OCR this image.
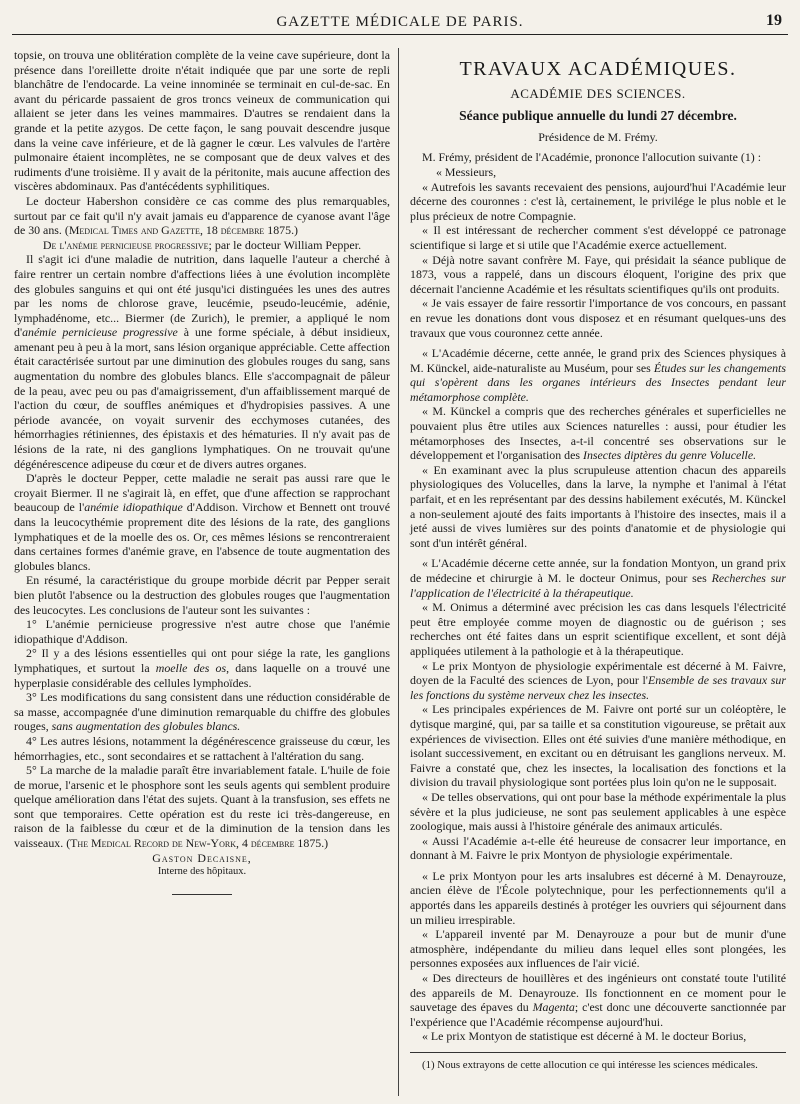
GAZETTE MÉDICALE DE PARIS.	19

topsie, on trouva une oblitération complète de la veine cave supérieure, dont la présence dans l'oreillette droite n'était indiquée que par une sorte de repli blanchâtre de l'endocarde. La veine innominée se terminait en cul-de-sac. En avant du péricarde passaient de gros troncs veineux de communication qui allaient se jeter dans les veines mammaires. D'autres se rendaient dans la grande et la petite azygos. De cette façon, le sang pouvait descendre jusque dans la veine cave inférieure, et de là gagner le cœur. Les valvules de l'artère pulmonaire étaient incomplètes, ne se composant que de deux valves et des rudiments d'une troisième. Il y avait de la péritonite, mais aucune affection des viscères abdominaux. Pas d'antécédents syphilitiques.

Le docteur Habershon considère ce cas comme des plus remarquables, surtout par ce fait qu'il n'y avait jamais eu d'apparence de cyanose avant l'âge de 30 ans. (Medical Times and Gazette, 18 décembre 1875.)

De l'anémie pernicieuse progressive; par le docteur William Pepper.

Il s'agit ici d'une maladie de nutrition, dans laquelle l'auteur a cherché à faire rentrer un certain nombre d'affections liées à une évolution incomplète des globules sanguins et qui ont été jusqu'ici distinguées les unes des autres par les noms de chlorose grave, leucémie, pseudo-leucémie, adénie, lymphadénome, etc... Biermer (de Zurich), le premier, a appliqué le nom d'anémie pernicieuse progressive à une forme spéciale, à début insidieux, amenant peu à peu à la mort, sans lésion organique appréciable. Cette affection était caractérisée surtout par une diminution des globules rouges du sang, sans augmentation du nombre des globules blancs. Elle s'accompagnait de pâleur de la peau, avec peu ou pas d'amaigrissement, d'un affaiblissement marqué de l'action du cœur, de souffles anémiques et d'hydropisies passives. A une période avancée, on voyait survenir des ecchymoses cutanées, des hémorrhagies rétiniennes, des épistaxis et des hématuries. Il n'y avait pas de lésions de la rate, ni des ganglions lymphatiques. On ne trouvait qu'une dégénérescence adipeuse du cœur et de divers autres organes.

D'après le docteur Pepper, cette maladie ne serait pas aussi rare que le croyait Biermer. Il ne s'agirait là, en effet, que d'une affection se rapprochant beaucoup de l'anémie idiopathique d'Addison. Virchow et Bennett ont trouvé dans la leucocythémie proprement dite des lésions de la rate, des ganglions lymphatiques et de la moelle des os. Or, ces mêmes lésions se rencontreraient dans certaines formes d'anémie grave, en l'absence de toute augmentation des globules blancs.

En résumé, la caractéristique du groupe morbide décrit par Pepper serait bien plutôt l'absence ou la destruction des globules rouges que l'augmentation des leucocytes. Les conclusions de l'auteur sont les suivantes :

1° L'anémie pernicieuse progressive n'est autre chose que l'anémie idiopathique d'Addison.

2° Il y a des lésions essentielles qui ont pour siége la rate, les ganglions lymphatiques, et surtout la moelle des os, dans laquelle on a trouvé une hyperplasie considérable des cellules lymphoïdes.

3° Les modifications du sang consistent dans une réduction considérable de sa masse, accompagnée d'une diminution remarquable du chiffre des globules rouges, sans augmentation des globules blancs.

4° Les autres lésions, notamment la dégénérescence graisseuse du cœur, les hémorrhagies, etc., sont secondaires et se rattachent à l'altération du sang.

5° La marche de la maladie paraît être invariablement fatale. L'huile de foie de morue, l'arsenic et le phosphore sont les seuls agents qui semblent produire quelque amélioration dans l'état des sujets. Quant à la transfusion, ses effets ne sont que temporaires. Cette opération est du reste ici très-dangereuse, en raison de la faiblesse du cœur et de la diminution de la tension dans les vaisseaux. (The Medical Record de New-York, 4 décembre 1875.)

Gaston Decaisne,

Interne des hôpitaux.

TRAVAUX ACADÉMIQUES.
ACADÉMIE DES SCIENCES.
Séance publique annuelle du lundi 27 décembre.
Présidence de M. Frémy.

M. Frémy, président de l'Académie, prononce l'allocution suivante (1) :

« Messieurs,

« Autrefois les savants recevaient des pensions, aujourd'hui l'Académie leur décerne des couronnes : c'est là, certainement, le privilége le plus noble et le plus précieux de notre Compagnie.

« Il est intéressant de rechercher comment s'est développé ce patronage scientifique si large et si utile que l'Académie exerce actuellement.

« Déjà notre savant confrère M. Faye, qui présidait la séance publique de 1873, vous a rappelé, dans un discours éloquent, l'origine des prix que décernait l'ancienne Académie et les résultats scientifiques qu'ils ont produits.

« Je vais essayer de faire ressortir l'importance de vos concours, en passant en revue les donations dont vous disposez et en résumant quelques-uns des travaux que vous couronnez cette année.

« L'Académie décerne, cette année, le grand prix des Sciences physiques à M. Künckel, aide-naturaliste au Muséum, pour ses Études sur les changements qui s'opèrent dans les organes intérieurs des Insectes pendant leur métamorphose complète.

« M. Künckel a compris que des recherches générales et superficielles ne pouvaient plus être utiles aux Sciences naturelles : aussi, pour étudier les métamorphoses des Insectes, a-t-il concentré ses observations sur le développement et l'organisation des Insectes diptères du genre Volucelle.

« En examinant avec la plus scrupuleuse attention chacun des appareils physiologiques des Volucelles, dans la larve, la nymphe et l'animal à l'état parfait, et en les représentant par des dessins habilement exécutés, M. Künckel a non-seulement ajouté des faits importants à l'histoire des insectes, mais il a jeté aussi de vives lumières sur des points d'anatomie et de physiologie qui sont d'un intérêt général.

« L'Académie décerne cette année, sur la fondation Montyon, un grand prix de médecine et chirurgie à M. le docteur Onimus, pour ses Recherches sur l'application de l'électricité à la thérapeutique.

« M. Onimus a déterminé avec précision les cas dans lesquels l'électricité peut être employée comme moyen de diagnostic ou de guérison ; ses recherches ont été faites dans un esprit scientifique excellent, et sont déjà appliquées utilement à la pathologie et à la thérapeutique.

« Le prix Montyon de physiologie expérimentale est décerné à M. Faivre, doyen de la Faculté des sciences de Lyon, pour l'Ensemble de ses travaux sur les fonctions du système nerveux chez les insectes.

« Les principales expériences de M. Faivre ont porté sur un coléoptère, le dytisque marginé, qui, par sa taille et sa constitution vigoureuse, se prêtait aux expériences de vivisection. Elles ont été suivies d'une manière méthodique, en isolant successivement, en excitant ou en détruisant les ganglions nerveux. M. Faivre a constaté que, chez les insectes, la localisation des fonctions et la division du travail physiologique sont portées plus loin qu'on ne le supposait.

« De telles observations, qui ont pour base la méthode expérimentale la plus sévère et la plus judicieuse, ne sont pas seulement applicables à une espèce zoologique, mais aussi à l'histoire générale des animaux articulés.

« Aussi l'Académie a-t-elle été heureuse de consacrer leur importance, en donnant à M. Faivre le prix Montyon de physiologie expérimentale.

« Le prix Montyon pour les arts insalubres est décerné à M. Denayrouze, ancien élève de l'École polytechnique, pour les perfectionnements qu'il a apportés dans les appareils destinés à protéger les ouvriers qui séjournent dans un milieu irrespirable.

« L'appareil inventé par M. Denayrouze a pour but de munir d'une atmosphère, indépendante du milieu dans lequel elles sont plongées, les personnes exposées aux influences de l'air vicié.

« Des directeurs de houillères et des ingénieurs ont constaté toute l'utilité des appareils de M. Denayrouze. Ils fonctionnent en ce moment pour le sauvetage des épaves du Magenta; c'est donc une découverte sanctionnée par l'expérience que l'Académie récompense aujourd'hui.

« Le prix Montyon de statistique est décerné à M. le docteur Borius,

(1) Nous extrayons de cette allocution ce qui intéresse les sciences médicales.
